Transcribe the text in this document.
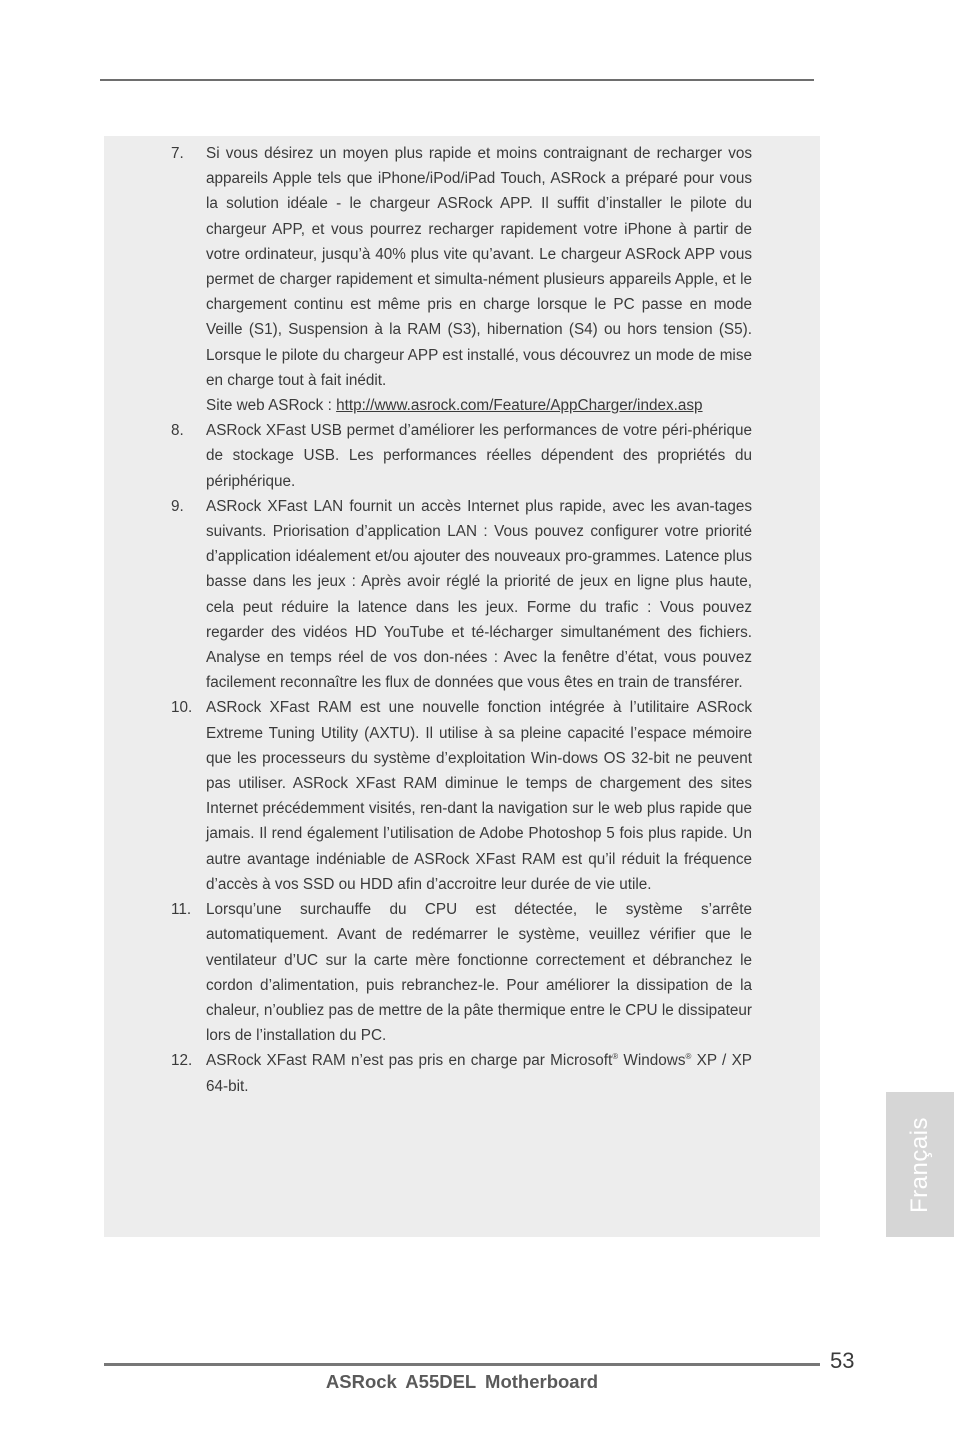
7. Si vous désirez un moyen plus rapide et moins contraignant de recharger vos appareils Apple tels que iPhone/iPod/iPad Touch, ASRock a préparé pour vous la solution idéale - le chargeur ASRock APP. Il suffit d’installer le pilote du chargeur APP, et vous pourrez recharger rapidement votre iPhone à partir de votre ordinateur, jusqu’à 40% plus vite qu’avant. Le chargeur ASRock APP vous permet de charger rapidement et simulta-nément plusieurs appareils Apple, et le chargement continu est même pris en charge lorsque le PC passe en mode Veille (S1), Suspension à la RAM (S3), hibernation (S4) ou hors tension (S5). Lorsque le pilote du chargeur APP est installé, vous découvrez un mode de mise en charge tout à fait inédit.
Site web ASRock : http://www.asrock.com/Feature/AppCharger/index.asp
8. ASRock XFast USB permet d’améliorer les performances de votre péri-phérique de stockage USB. Les performances réelles dépendent des propriétés du périphérique.
9. ASRock XFast LAN fournit un accès Internet plus rapide, avec les avan-tages suivants. Priorisation d’application LAN : Vous pouvez configurer votre priorité d’application idéalement et/ou ajouter des nouveaux pro-grammes. Latence plus basse dans les jeux : Après avoir réglé la priorité de jeux en ligne plus haute, cela peut réduire la latence dans les jeux. Forme du trafic : Vous pouvez regarder des vidéos HD YouTube et té-lécharger simultanément des fichiers. Analyse en temps réel de vos don-nées : Avec la fenêtre d’état, vous pouvez facilement reconnaître les flux de données que vous êtes en train de transférer.
10. ASRock XFast RAM est une nouvelle fonction intégrée à l’utilitaire ASRock Extreme Tuning Utility (AXTU). Il utilise à sa pleine capacité l’espace mémoire que les processeurs du système d’exploitation Win-dows OS 32-bit ne peuvent pas utiliser. ASRock XFast RAM diminue le temps de chargement des sites Internet précédemment visités, ren-dant la navigation sur le web plus rapide que jamais. Il rend également l’utilisation de Adobe Photoshop 5 fois plus rapide. Un autre avantage indéniable de ASRock XFast RAM est qu’il réduit la fréquence d’accès à vos SSD ou HDD afin d’accroitre leur durée de vie utile.
11. Lorsqu’une surchauffe du CPU est détectée, le système s’arrête automatiquement. Avant de redémarrer le système, veuillez vérifier que le ventilateur d’UC sur la carte mère fonctionne correctement et débranchez le cordon d’alimentation, puis rebranchez-le. Pour améliorer la dissipation de la chaleur, n’oubliez pas de mettre de la pâte thermique entre le CPU le dissipateur lors de l’installation du PC.
12. ASRock XFast RAM n’est pas pris en charge par Microsoft® Windows® XP / XP 64-bit.
Français
53
ASRock A55DEL Motherboard
